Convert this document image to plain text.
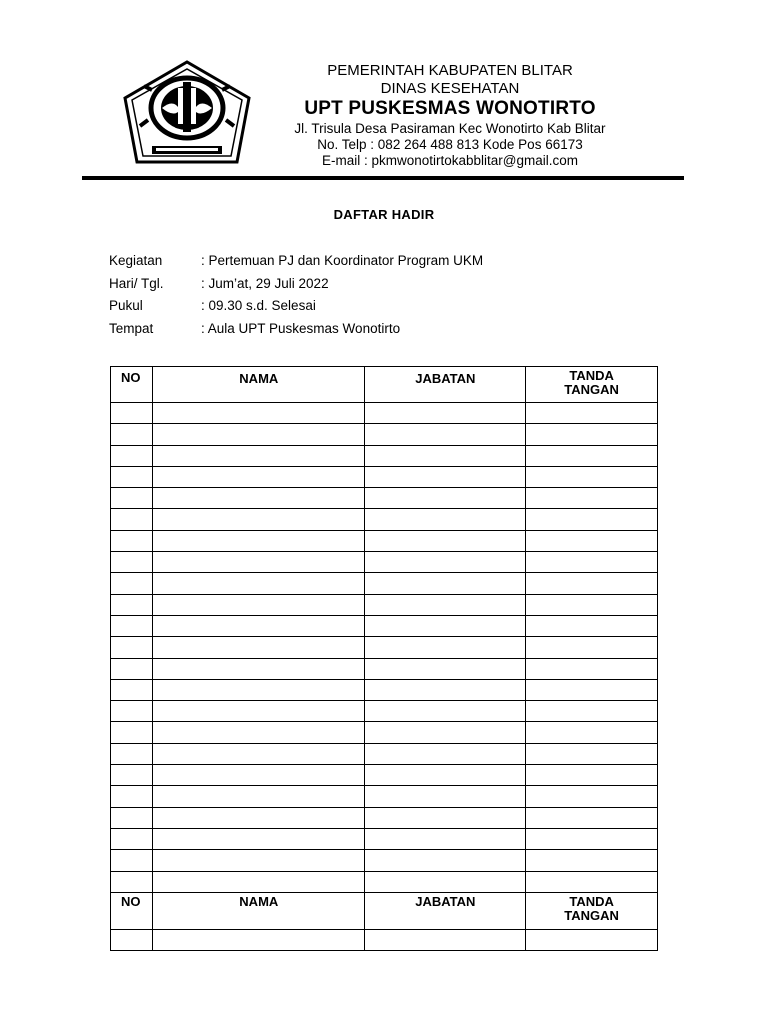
PEMERINTAH KABUPATEN BLITAR
DINAS KESEHATAN
UPT PUSKESMAS WONOTIRTO
Jl. Trisula Desa Pasiraman Kec Wonotirto Kab Blitar
No. Telp : 082 264 488 813 Kode Pos 66173
E-mail : pkmwonotirtokabblitar@gmail.com
DAFTAR HADIR
Kegiatan	: Pertemuan PJ dan Koordinator Program UKM
Hari/ Tgl.	: Jum’at, 29 Juli 2022
Pukul	: 09.30 s.d. Selesai
Tempat	: Aula UPT Puskesmas Wonotirto
NO	NAMA	JABATAN	TANDA
TANGAN

NO	NAMA	JABATAN	TANDA
TANGAN
